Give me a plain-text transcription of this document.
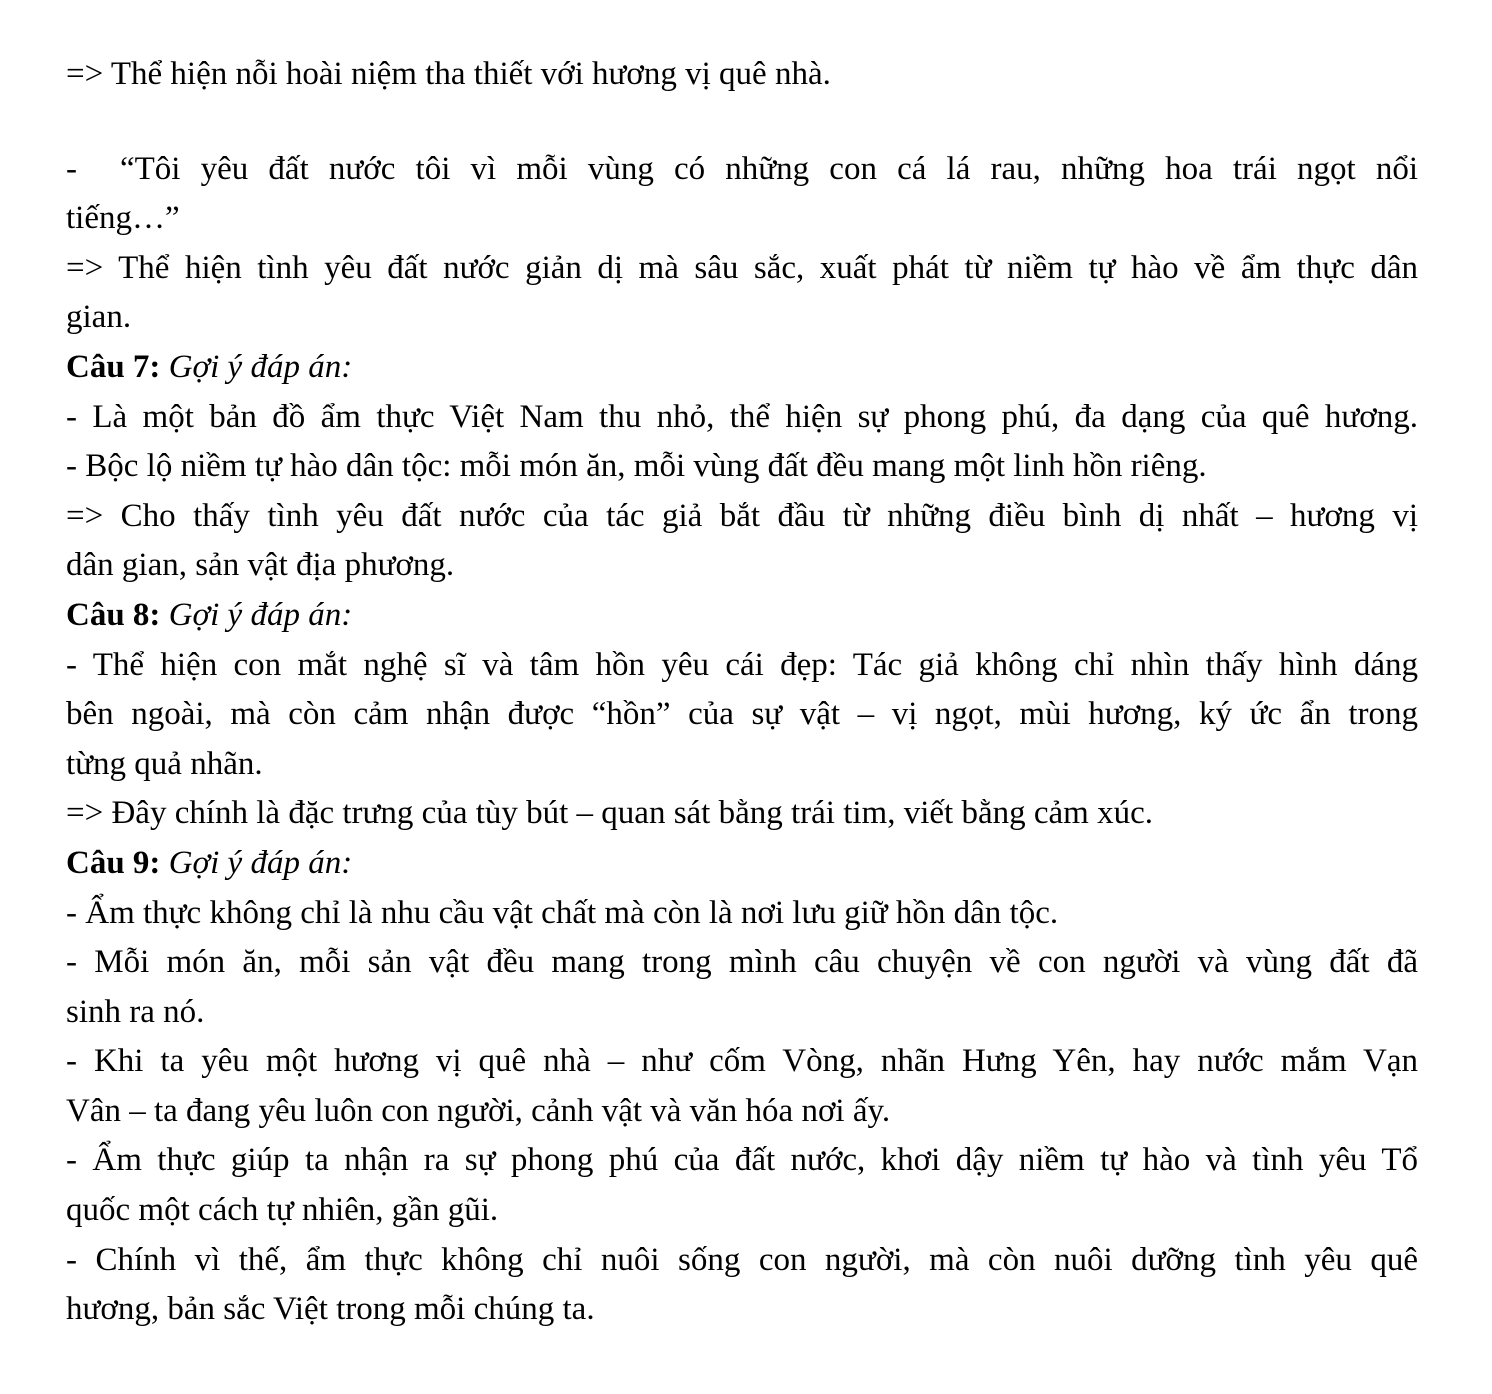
=> Thể hiện nỗi hoài niệm tha thiết với hương vị quê nhà.
- “Tôi yêu đất nước tôi vì mỗi vùng có những con cá lá rau, những hoa trái ngọt nổi
tiếng…”
=> Thể hiện tình yêu đất nước giản dị mà sâu sắc, xuất phát từ niềm tự hào về ẩm thực dân
gian.
Câu 7: Gợi ý đáp án:
- Là một bản đồ ẩm thực Việt Nam thu nhỏ, thể hiện sự phong phú, đa dạng của quê hương.
- Bộc lộ niềm tự hào dân tộc: mỗi món ăn, mỗi vùng đất đều mang một linh hồn riêng.
=> Cho thấy tình yêu đất nước của tác giả bắt đầu từ những điều bình dị nhất – hương vị
dân gian, sản vật địa phương.
Câu 8: Gợi ý đáp án:
- Thể hiện con mắt nghệ sĩ và tâm hồn yêu cái đẹp: Tác giả không chỉ nhìn thấy hình dáng
bên ngoài, mà còn cảm nhận được “hồn” của sự vật – vị ngọt, mùi hương, ký ức ẩn trong
từng quả nhãn.
=> Đây chính là đặc trưng của tùy bút – quan sát bằng trái tim, viết bằng cảm xúc.
Câu 9: Gợi ý đáp án:
- Ẩm thực không chỉ là nhu cầu vật chất mà còn là nơi lưu giữ hồn dân tộc.
- Mỗi món ăn, mỗi sản vật đều mang trong mình câu chuyện về con người và vùng đất đã
sinh ra nó.
- Khi ta yêu một hương vị quê nhà – như cốm Vòng, nhãn Hưng Yên, hay nước mắm Vạn
Vân – ta đang yêu luôn con người, cảnh vật và văn hóa nơi ấy.
- Ẩm thực giúp ta nhận ra sự phong phú của đất nước, khơi dậy niềm tự hào và tình yêu Tổ
quốc một cách tự nhiên, gần gũi.
- Chính vì thế, ẩm thực không chỉ nuôi sống con người, mà còn nuôi dưỡng tình yêu quê
hương, bản sắc Việt trong mỗi chúng ta.
